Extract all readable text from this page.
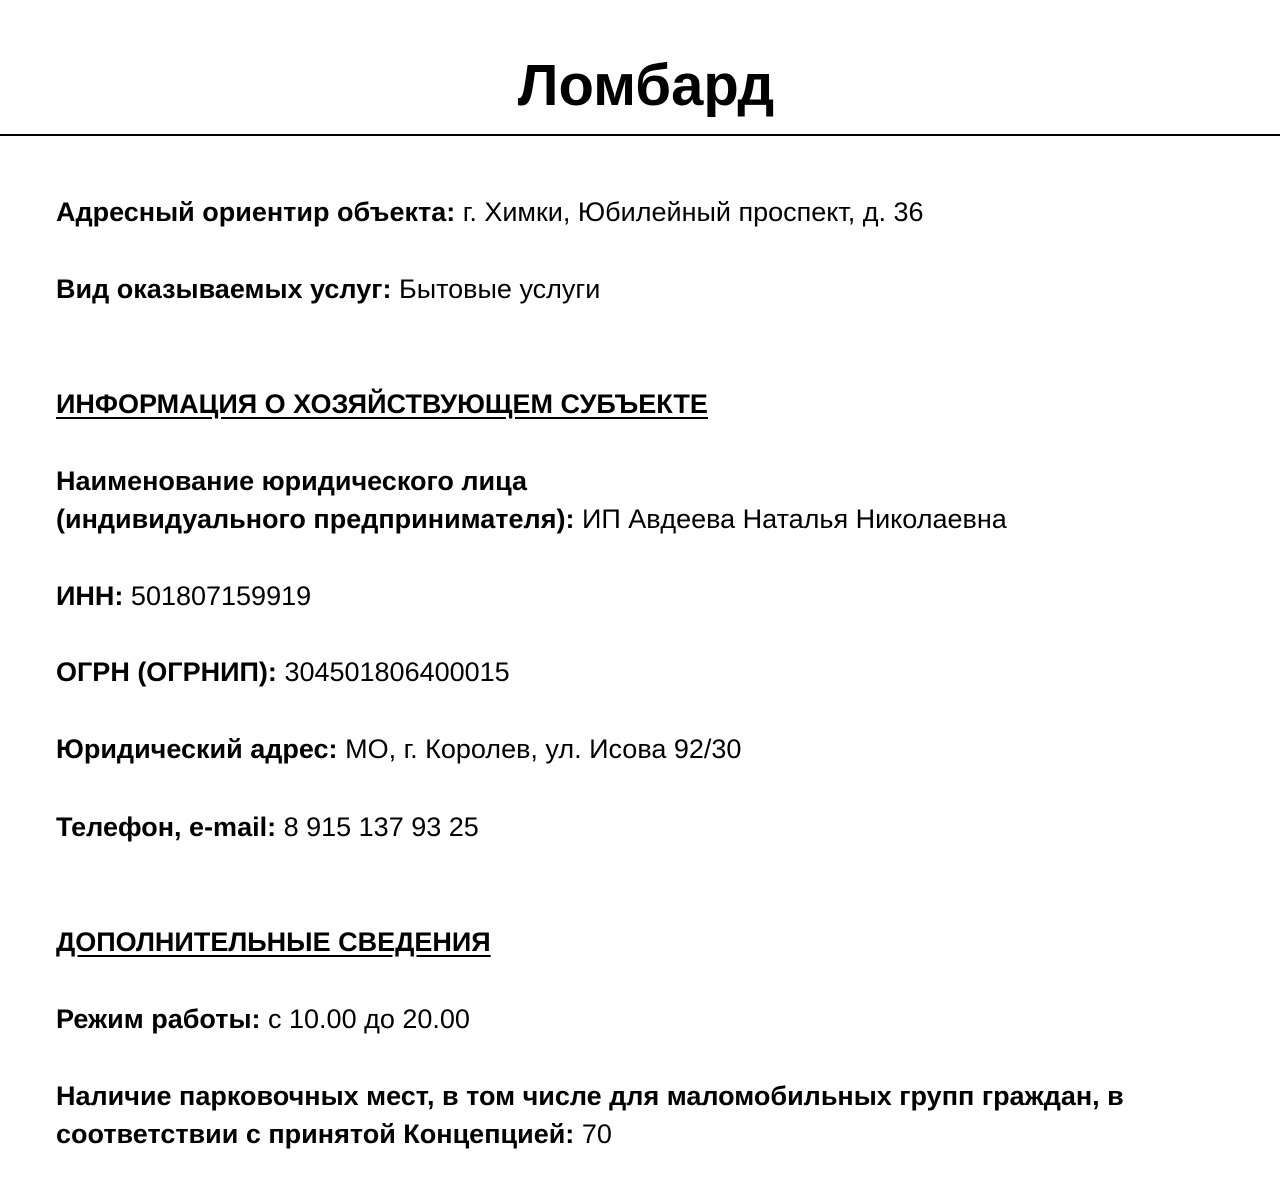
Ломбард

Адресный ориентир объекта: г. Химки, Юбилейный проспект, д. 36

Вид оказываемых услуг: Бытовые услуги

ИНФОРМАЦИЯ О ХОЗЯЙСТВУЮЩЕМ СУБЪЕКТЕ

Наименование юридического лица
(индивидуального предпринимателя): ИП Авдеева Наталья Николаевна

ИНН: 501807159919

ОГРН (ОГРНИП): 304501806400015

Юридический адрес: МО, г. Королев, ул. Исова 92/30

Телефон, e-mail: 8 915 137 93 25

ДОПОЛНИТЕЛЬНЫЕ СВЕДЕНИЯ

Режим работы: с 10.00 до 20.00

Наличие парковочных мест, в том числе для маломобильных групп граждан, в
соответствии с принятой Концепцией: 70
